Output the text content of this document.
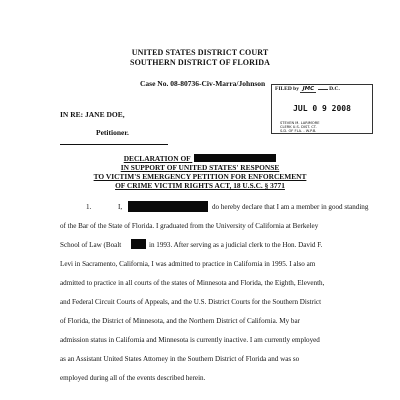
UNITED STATES DISTRICT COURT
SOUTHERN DISTRICT OF FLORIDA
Case No. 08-80736-Civ-Marra/Johnson
FILED by JMC	D.C.
JUL 0 9 2008
STEVEN M. LARIMORE
CLERK U.S. DIST. CT.
S.D. OF FLA. - W.P.B.
IN RE: JANE DOE,
Petitioner.
DECLARATION OF
IN SUPPORT OF UNITED STATES' RESPONSE
TO VICTIM'S EMERGENCY PETITION FOR ENFORCEMENT
OF CRIME VICTIM RIGHTS ACT, 18 U.S.C. § 3771
1.	I,	do hereby declare that I am a member in good standing
of the Bar of the State of Florida. I graduated from the University of California at Berkeley
School of Law (Boalt	in 1993. After serving as a judicial clerk to the Hon. David F.
Levi in Sacramento, California, I was admitted to practice in California in 1995. I also am
admitted to practice in all courts of the states of Minnesota and Florida, the Eighth, Eleventh,
and Federal Circuit Courts of Appeals, and the U.S. District Courts for the Southern District
of Florida, the District of Minnesota, and the Northern District of California. My bar
admission status in California and Minnesota is currently inactive. I am currently employed
as an Assistant United States Attorney in the Southern District of Florida and was so
employed during all of the events described herein.
